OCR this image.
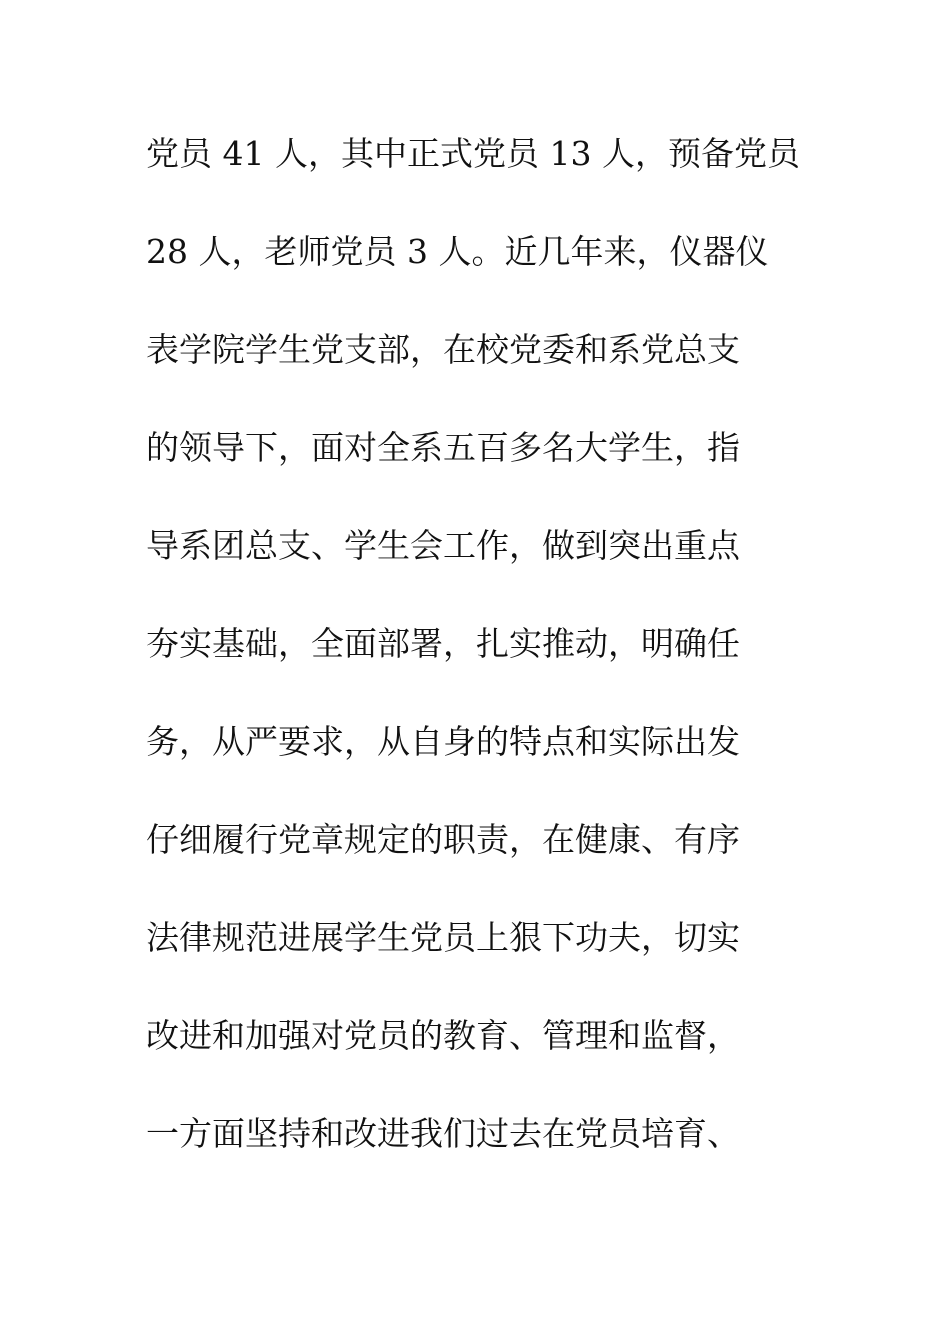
党员 41 人，其中正式党员 13 人，预备党员
28 人，老师党员 3 人。近几年来，仪器仪
表学院学生党支部，在校党委和系党总支
的领导下，面对全系五百多名大学生，指
导系团总支、学生会工作，做到突出重点
夯实基础，全面部署，扎实推动，明确任
务，从严要求，从自身的特点和实际出发
仔细履行党章规定的职责，在健康、有序
法律规范进展学生党员上狠下功夫，切实
改进和加强对党员的教育、管理和监督，
一方面坚持和改进我们过去在党员培育、
